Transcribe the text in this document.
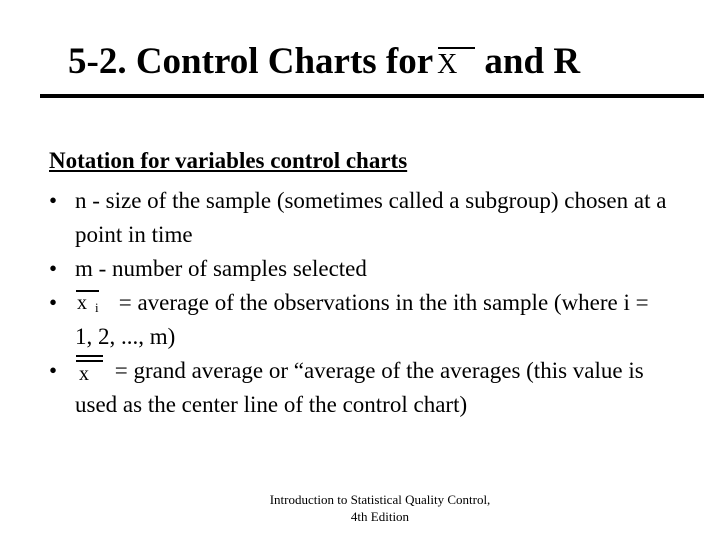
5-2. Control Charts for X and R
Notation for variables control charts
• n - size of the sample (sometimes called a subgroup) chosen at a point in time
• m - number of samples selected
• x i = average of the observations in the ith sample (where i = 1, 2, ..., m)
• x = grand average or “average of the averages (this value is used as the center line of the control chart)
Introduction to Statistical Quality Control,
4th Edition
